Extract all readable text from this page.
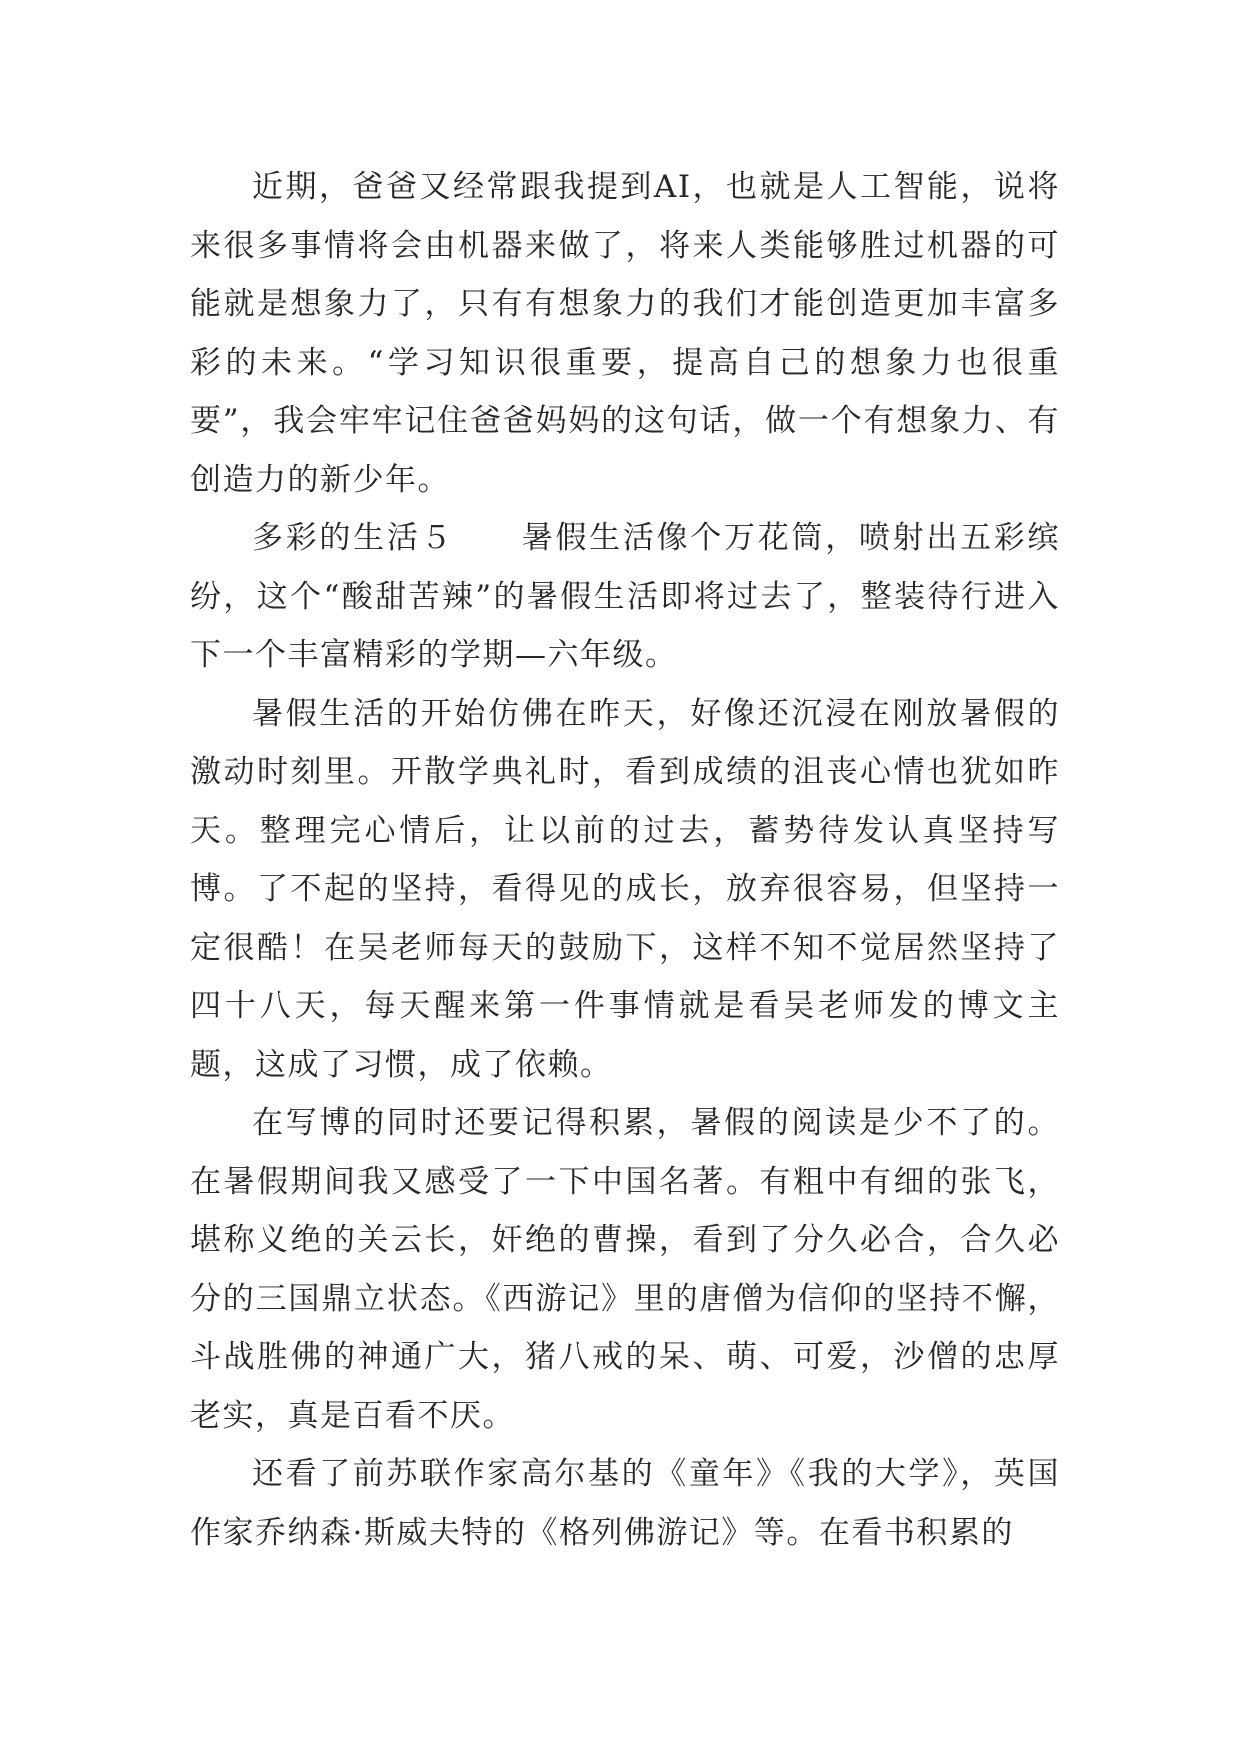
近期，爸爸又经常跟我提到AI，也就是人工智能，说将来很多事情将会由机器来做了，将来人类能够胜过机器的可能就是想象力了，只有有想象力的我们才能创造更加丰富多彩的未来。“学习知识很重要，提高自己的想象力也很重要”，我会牢牢记住爸爸妈妈的这句话，做一个有想象力、有创造力的新少年。

多彩的生活５　　暑假生活像个万花筒，喷射出五彩缤纷，这个“酸甜苦辣”的暑假生活即将过去了，整装待行进入下一个丰富精彩的学期—六年级。

暑假生活的开始仿佛在昨天，好像还沉浸在刚放暑假的激动时刻里。开散学典礼时，看到成绩的沮丧心情也犹如昨天。整理完心情后，让以前的过去，蓄势待发认真坚持写博。了不起的坚持，看得见的成长，放弃很容易，但坚持一定很酷！在吴老师每天的鼓励下，这样不知不觉居然坚持了四十八天，每天醒来第一件事情就是看吴老师发的博文主题，这成了习惯，成了依赖。

在写博的同时还要记得积累，暑假的阅读是少不了的。在暑假期间我又感受了一下中国名著。有粗中有细的张飞，堪称义绝的关云长，奸绝的曹操，看到了分久必合，合久必分的三国鼎立状态。《西游记》里的唐僧为信仰的坚持不懈，斗战胜佛的神通广大，猪八戒的呆、萌、可爱，沙僧的忠厚老实，真是百看不厌。

还看了前苏联作家高尔基的《童年》《我的大学》，英国作家乔纳森·斯威夫特的《格列佛游记》等。在看书积累的
